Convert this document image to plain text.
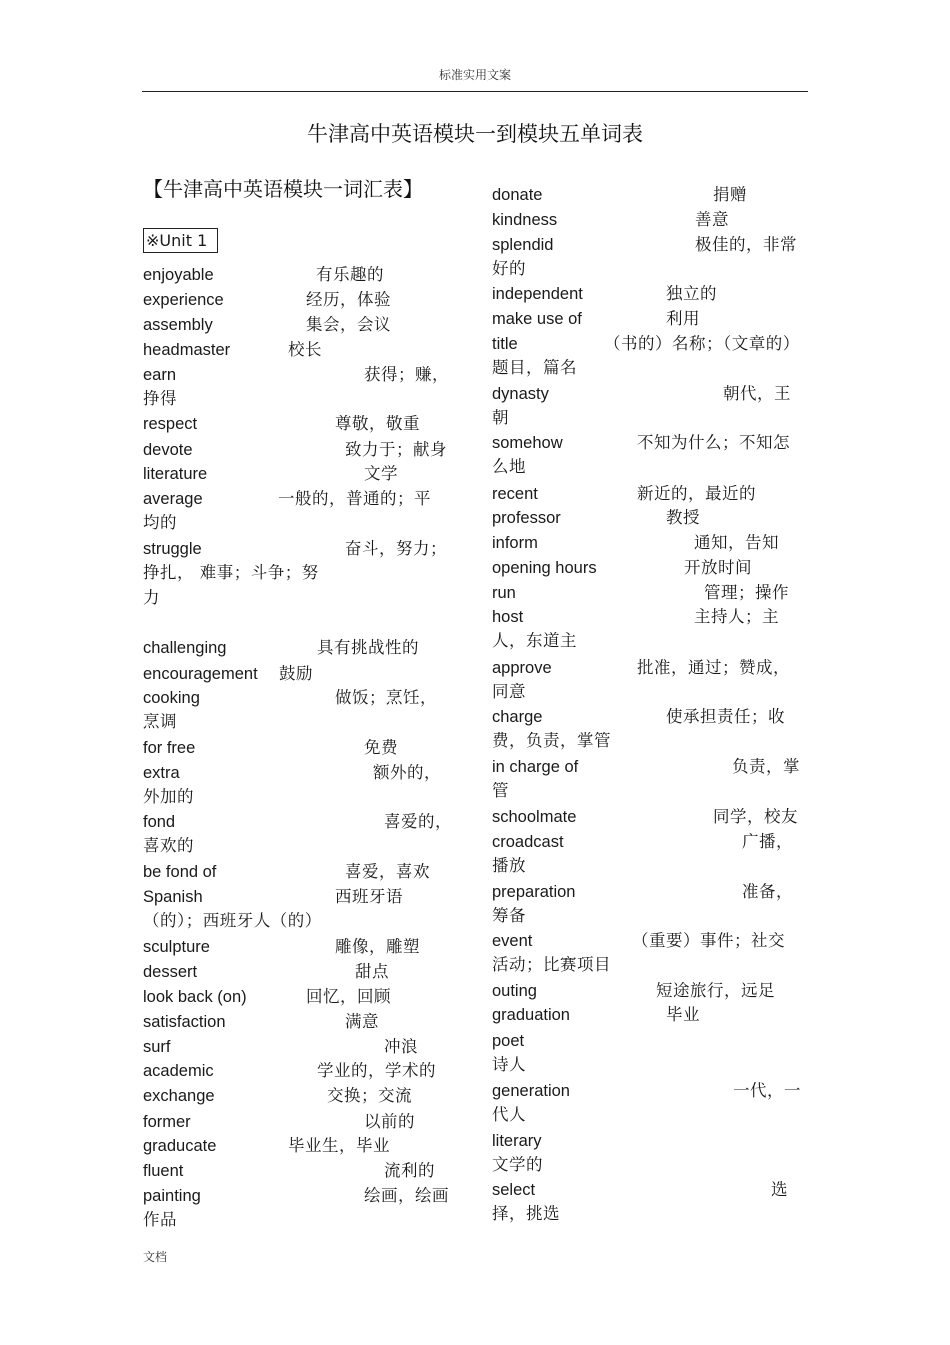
标准实用文案
牛津高中英语模块一到模块五单词表
【牛津高中英语模块一词汇表】
※Unit 1
enjoyable	有乐趣的
experience	经历，体验
assembly	集会，会议
headmaster	校长
earn	获得；赚，
挣得
respect	尊敬，敬重
devote	致力于；献身
literature	文学
average	一般的，普通的；平
均的
struggle	奋斗，努力；
挣扎， 难事；斗争；努
力
challenging	具有挑战性的
encouragement 鼓励
cooking	做饭；烹饪，
烹调
for free	免费
extra	额外的，
外加的
fond	喜爱的，
喜欢的
be fond of	喜爱，喜欢
Spanish	西班牙语
（的）；西班牙人（的）
sculpture	雕像，雕塑
dessert	甜点
look back (on)	回忆，回顾
satisfaction	满意
surf	冲浪
academic	学业的，学术的
exchange	交换；交流
former	以前的
graducate	毕业生，毕业
fluent	流利的
painting	绘画，绘画
作品
donate	捐赠
kindness	善意
splendid	极佳的，非常
好的
independent	独立的
make use of	利用
title	（书的）名称；（文章的）
题目，篇名
dynasty	朝代，王
朝
somehow	不知为什么；不知怎
么地
recent	新近的，最近的
professor	教授
inform	通知，告知
opening hours	开放时间
run	管理；操作
host	主持人；主
人，东道主
approve	批准，通过；赞成，
同意
charge	使承担责任；收
费，负责，掌管
in charge of	负责，掌
管
schoolmate	同学，校友
croadcast	广播，
播放
preparation	准备，
筹备
event	（重要）事件；社交
活动；比赛项目
outing	短途旅行，远足
graduation	毕业
poet
诗人
generation	一代，一
代人
literary
文学的
select	选
择，挑选
文档
